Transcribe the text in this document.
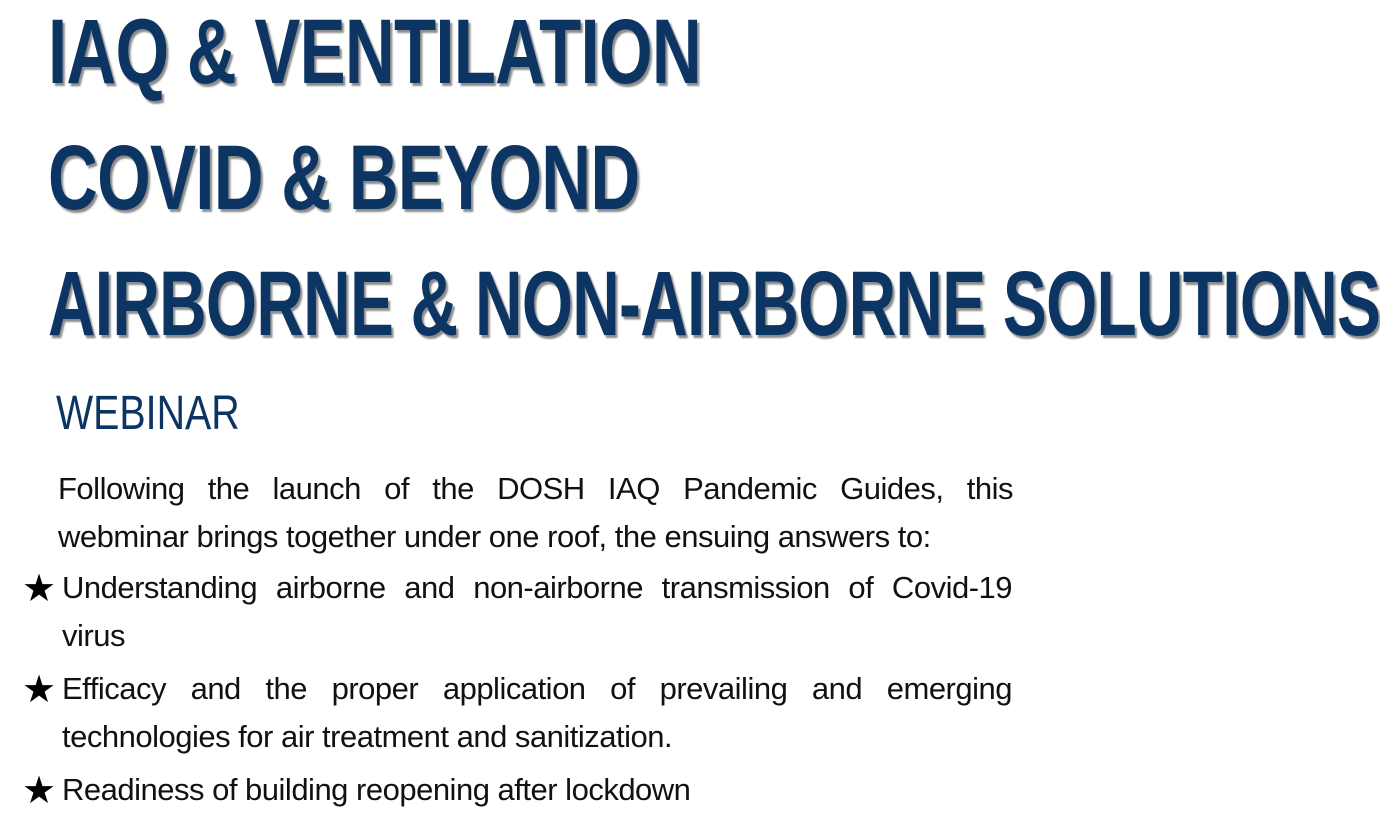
IAQ & VENTILATION
COVID & BEYOND
AIRBORNE & NON-AIRBORNE SOLUTIONS
WEBINAR

Following the launch of the DOSH IAQ Pandemic Guides, this webminar brings together under one roof, the ensuing answers to:

★ Understanding airborne and non-airborne transmission of Covid-19 virus
★ Efficacy and the proper application of prevailing and emerging technologies for air treatment and sanitization.
★ Readiness of building reopening after lockdown
